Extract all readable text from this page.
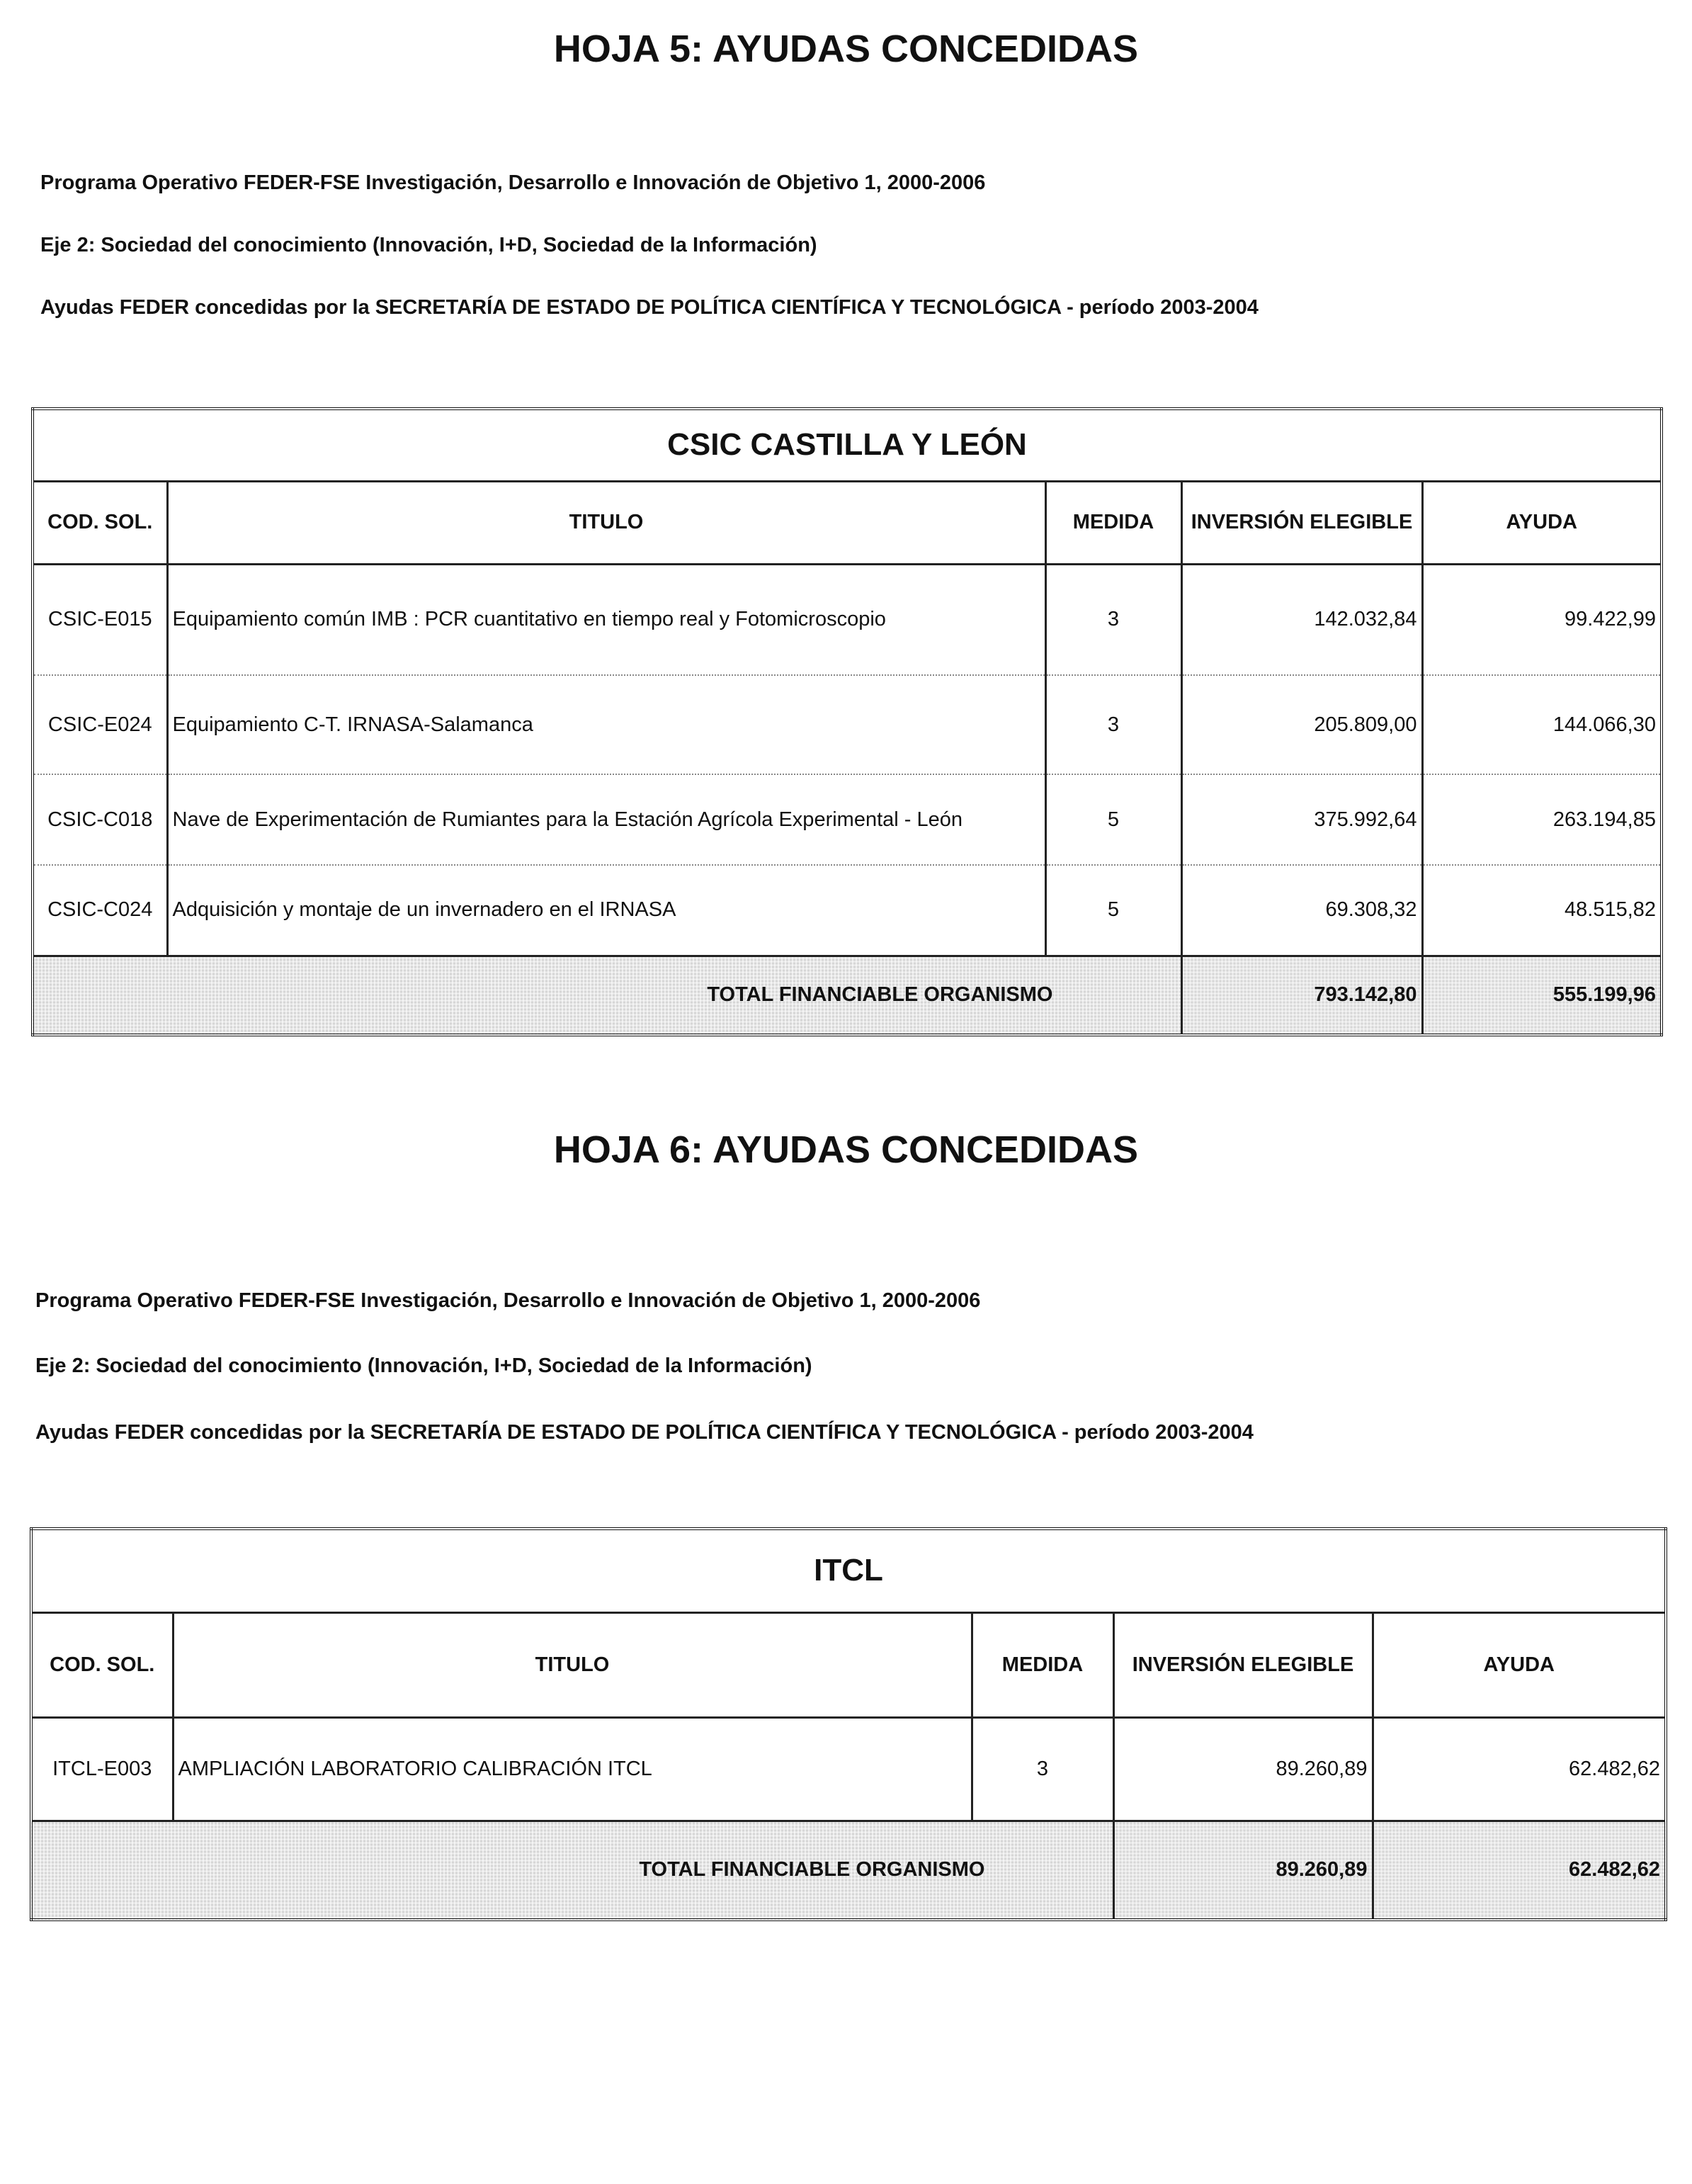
HOJA 5: AYUDAS CONCEDIDAS

Programa Operativo FEDER-FSE Investigación, Desarrollo e Innovación de Objetivo 1, 2000-2006

Eje 2: Sociedad del conocimiento (Innovación, I+D, Sociedad de la Información)

Ayudas FEDER concedidas por la SECRETARÍA DE ESTADO DE POLÍTICA CIENTÍFICA Y TECNOLÓGICA - período 2003-2004

CSIC CASTILLA Y LEÓN				
COD. SOL.	TITULO	MEDIDA	INVERSIÓN ELEGIBLE	AYUDA
CSIC-E015	Equipamiento común IMB : PCR cuantitativo en tiempo real y Fotomicroscopio	3	142.032,84	99.422,99
CSIC-E024	Equipamiento C-T. IRNASA-Salamanca	3	205.809,00	144.066,30
CSIC-C018	Nave de Experimentación de Rumiantes para la Estación Agrícola Experimental - León	5	375.992,64	263.194,85
CSIC-C024	Adquisición y montaje de un invernadero en el IRNASA	5	69.308,32	48.515,82
TOTAL FINANCIABLE ORGANISMO			793.142,80	555.199,96
HOJA 6: AYUDAS CONCEDIDAS

Programa Operativo FEDER-FSE Investigación, Desarrollo e Innovación de Objetivo 1, 2000-2006

Eje 2: Sociedad del conocimiento (Innovación, I+D, Sociedad de la Información)

Ayudas FEDER concedidas por la SECRETARÍA DE ESTADO DE POLÍTICA CIENTÍFICA Y TECNOLÓGICA - período 2003-2004

ITCL				
COD. SOL.	TITULO	MEDIDA	INVERSIÓN ELEGIBLE	AYUDA
ITCL-E003	AMPLIACIÓN LABORATORIO CALIBRACIÓN ITCL	3	89.260,89	62.482,62
TOTAL FINANCIABLE ORGANISMO			89.260,89	62.482,62
